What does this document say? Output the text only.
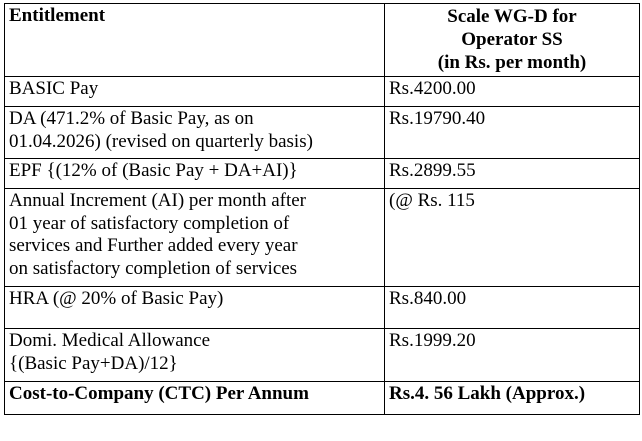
Entitlement	Scale WG-D for
Operator SS
(in Rs. per month)

BASIC Pay	Rs.4200.00

DA (471.2% of Basic Pay, as on
01.04.2026) (revised on quarterly basis)	Rs.19790.40

EPF {(12% of (Basic Pay + DA+AI)}	Rs.2899.55

Annual Increment (AI) per month after
01 year of satisfactory completion of
services and Further added every year
on satisfactory completion of services	(@ Rs. 115

HRA (@ 20% of Basic Pay)	Rs.840.00

Domi. Medical Allowance
{(Basic Pay+DA)/12}	Rs.1999.20

Cost-to-Company (CTC) Per Annum	Rs.4. 56 Lakh (Approx.)
